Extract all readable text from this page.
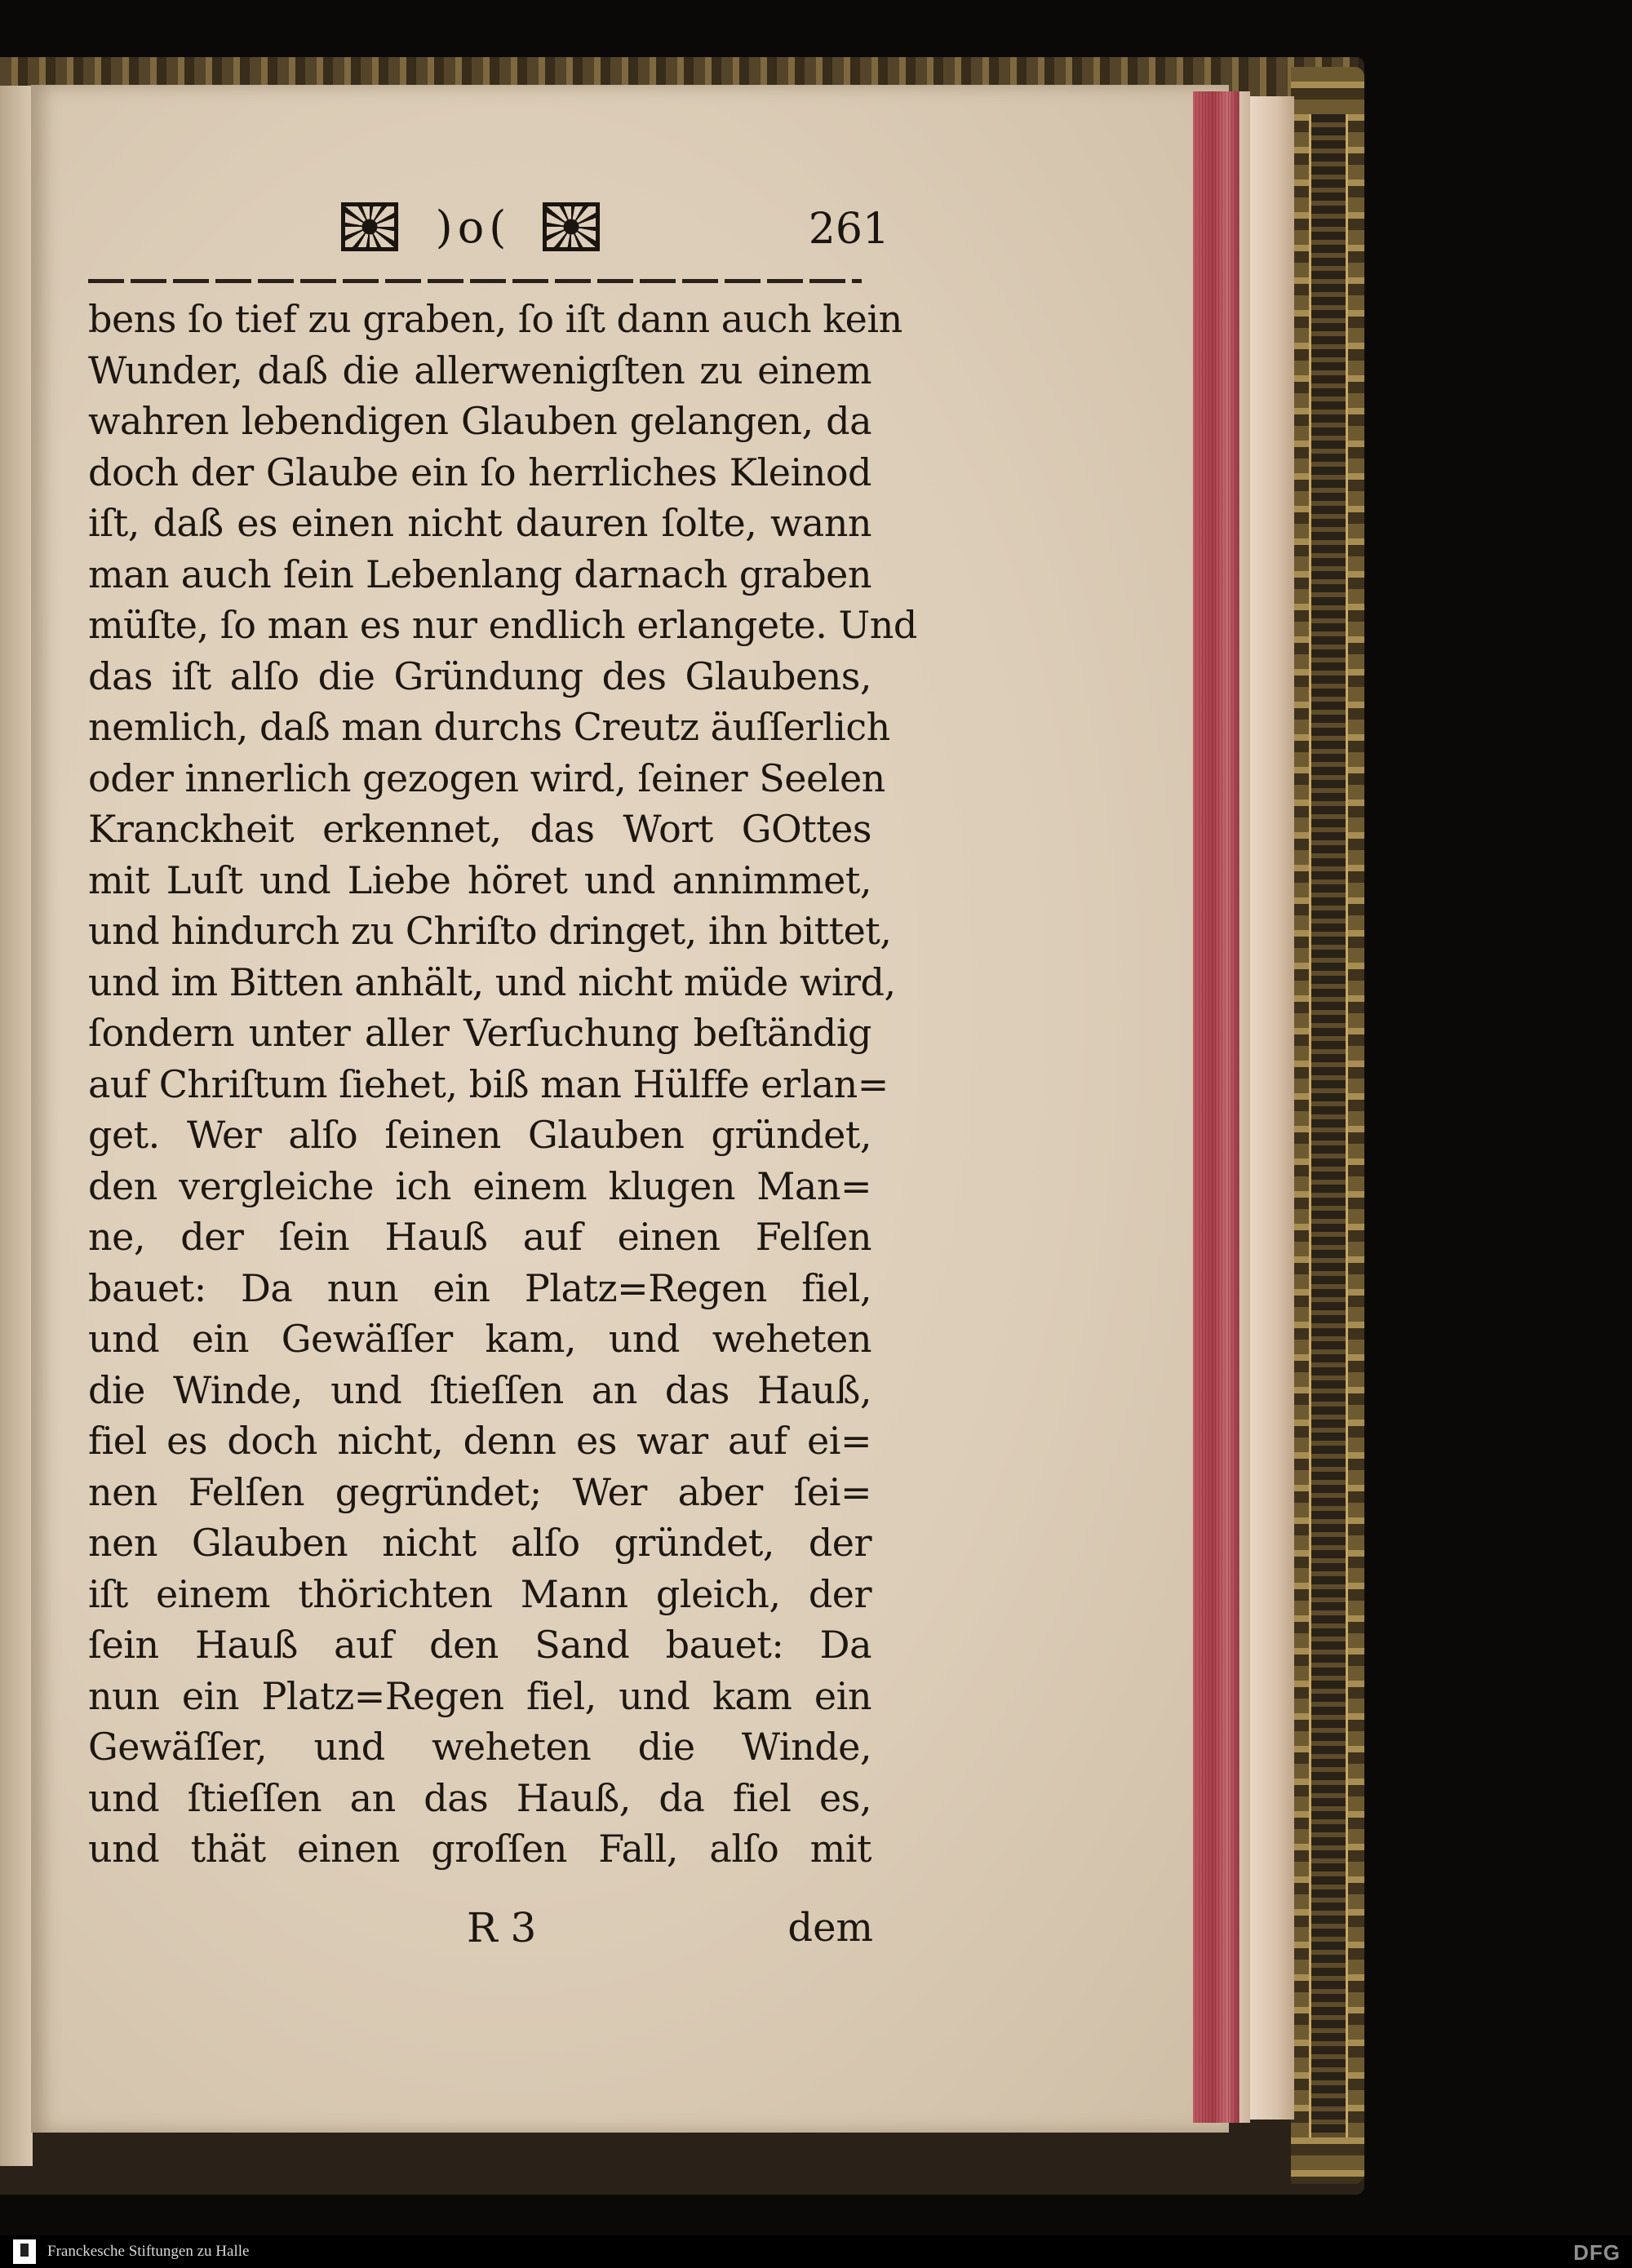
)o(	261
bens ſo tief zu graben, ſo iſt dann auch kein
Wunder, daß die allerwenigſten zu einem
wahren lebendigen Glauben gelangen, da
doch der Glaube ein ſo herrliches Kleinod
iſt, daß es einen nicht dauren ſolte, wann
man auch ſein Lebenlang darnach graben
müſte, ſo man es nur endlich erlangete. Und
das iſt alſo die Gründung des Glaubens,
nemlich, daß man durchs Creutz äuſſerlich
oder innerlich gezogen wird, ſeiner Seelen
Kranckheit erkennet, das Wort GOttes
mit Luſt und Liebe höret und annimmet,
und hindurch zu Chriſto dringet, ihn bittet,
und im Bitten anhält, und nicht müde wird,
ſondern unter aller Verſuchung beſtändig
auf Chriſtum ſiehet, biß man Hülffe erlan=
get. Wer alſo ſeinen Glauben gründet,
den vergleiche ich einem klugen Man=
ne, der ſein Hauß auf einen Felſen
bauet: Da nun ein Platz=Regen fiel,
und ein Gewäſſer kam, und weheten
die Winde, und ſtieſſen an das Hauß,
fiel es doch nicht, denn es war auf ei=
nen Felſen gegründet; Wer aber ſei=
nen Glauben nicht alſo gründet, der
iſt einem thörichten Mann gleich, der
ſein Hauß auf den Sand bauet: Da
nun ein Platz=Regen fiel, und kam ein
Gewäſſer, und weheten die Winde,
und ſtieſſen an das Hauß, da fiel es,
und thät einen groſſen Fall, alſo mit
R 3	dem
Franckesche Stiftungen zu Halle	DFG
